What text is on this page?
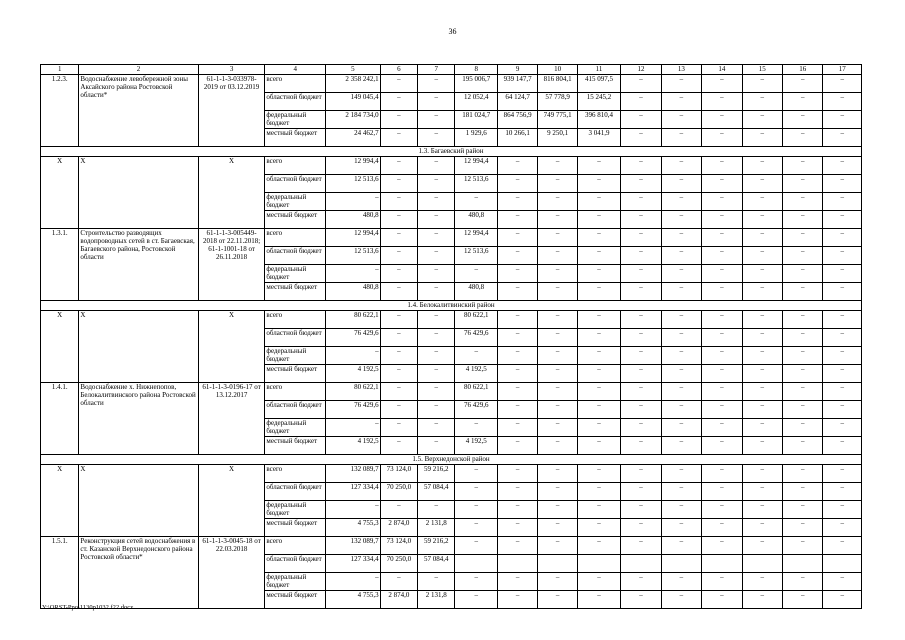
36
1	2	3	4	5	6	7	8	9	10	11	12	13	14	15	16	17
1.2.3.	Водоснабжение левобережной зоны Аксайского района Ростовской области*	61-1-1-3-033978-2019 от 03.12.2019	всего	2 358 242,1	–	–	195 006,7	939 147,7	816 804,1	415 097,5	–	–	–	–	–	–
			областной бюджет	149 045,4	–	–	12 052,4	64 124,7	57 778,9	15 245,2	–	–	–	–	–	–
			федеральный бюджет	2 184 734,0	–	–	181 024,7	864 756,9	749 775,1	396 810,4	–	–	–	–	–	–
			местный бюджет	24 462,7	–	–	1 929,6	10 266,1	9 250,1	3 041,9	–	–	–	–	–	–
1.3. Багаевский район																
Х	Х	Х	всего	12 994,4	–	–	12 994,4	–	–	–	–	–	–	–	–	–
			областной бюджет	12 513,6	–	–	12 513,6	–	–	–	–	–	–	–	–	–
			федеральный бюджет	–	–	–	–	–	–	–	–	–	–	–	–	–
			местный бюджет	480,8	–	–	480,8	–	–	–	–	–	–	–	–	–
1.3.1.	Строительство разводящих водопроводных сетей в ст. Багаевская, Багаевского района, Ростовской области	61-1-1-3-005449-2018 от 22.11.2018; 61-1-1001-18 от 26.11.2018	всего	12 994,4	–	–	12 994,4	–	–	–	–	–	–	–	–	–
			областной бюджет	12 513,6	–	–	12 513,6	–	–	–	–	–	–	–	–	–
			федеральный бюджет	–	–	–	–	–	–	–	–	–	–	–	–	–
			местный бюджет	480,8	–	–	480,8	–	–	–	–	–	–	–	–	–
1.4. Белокалитвинский район																
Х	Х	Х	всего	80 622,1	–	–	80 622,1	–	–	–	–	–	–	–	–	–
			областной бюджет	76 429,6	–	–	76 429,6	–	–	–	–	–	–	–	–	–
			федеральный бюджет	–	–	–	–	–	–	–	–	–	–	–	–	–
			местный бюджет	4 192,5	–	–	4 192,5	–	–	–	–	–	–	–	–	–
1.4.1.	Водоснабжение х. Нижнепопов, Белокалитвинского района Ростовской области	61-1-1-3-0196-17 от 13.12.2017	всего	80 622,1	–	–	80 622,1	–	–	–	–	–	–	–	–	–
			областной бюджет	76 429,6	–	–	76 429,6	–	–	–	–	–	–	–	–	–
			федеральный бюджет	–	–	–	–	–	–	–	–	–	–	–	–	–
			местный бюджет	4 192,5	–	–	4 192,5	–	–	–	–	–	–	–	–	–
1.5. Верхнедонской район																
Х	Х	Х	всего	132 089,7	73 124,0	59 216,2	–	–	–	–	–	–	–	–	–	–
			областной бюджет	127 334,4	70 250,0	57 084,4	–	–	–	–	–	–	–	–	–	–
			федеральный бюджет	–	–	–	–	–	–	–	–	–	–	–	–	–
			местный бюджет	4 755,3	2 874,0	2 131,8	–	–	–	–	–	–	–	–	–	–
1.5.1.	Реконструкция сетей водоснабжения в ст. Казанской Верхнедонского района Ростовской области*	61-1-1-3-0045-18 от 22.03.2018	всего	132 089,7	73 124,0	59 216,2	–	–	–	–	–	–	–	–	–	–
			областной бюджет	127 334,4	70 250,0	57 084,4										
			федеральный бюджет	–	–	–	–	–	–	–	–	–	–	–	–	–
			местный бюджет	4 755,3	2 874,0	2 131,8	–	–	–	–	–	–	–	–	–	–
Y:\ORST-Ppo\1130p1032.f22.docx
